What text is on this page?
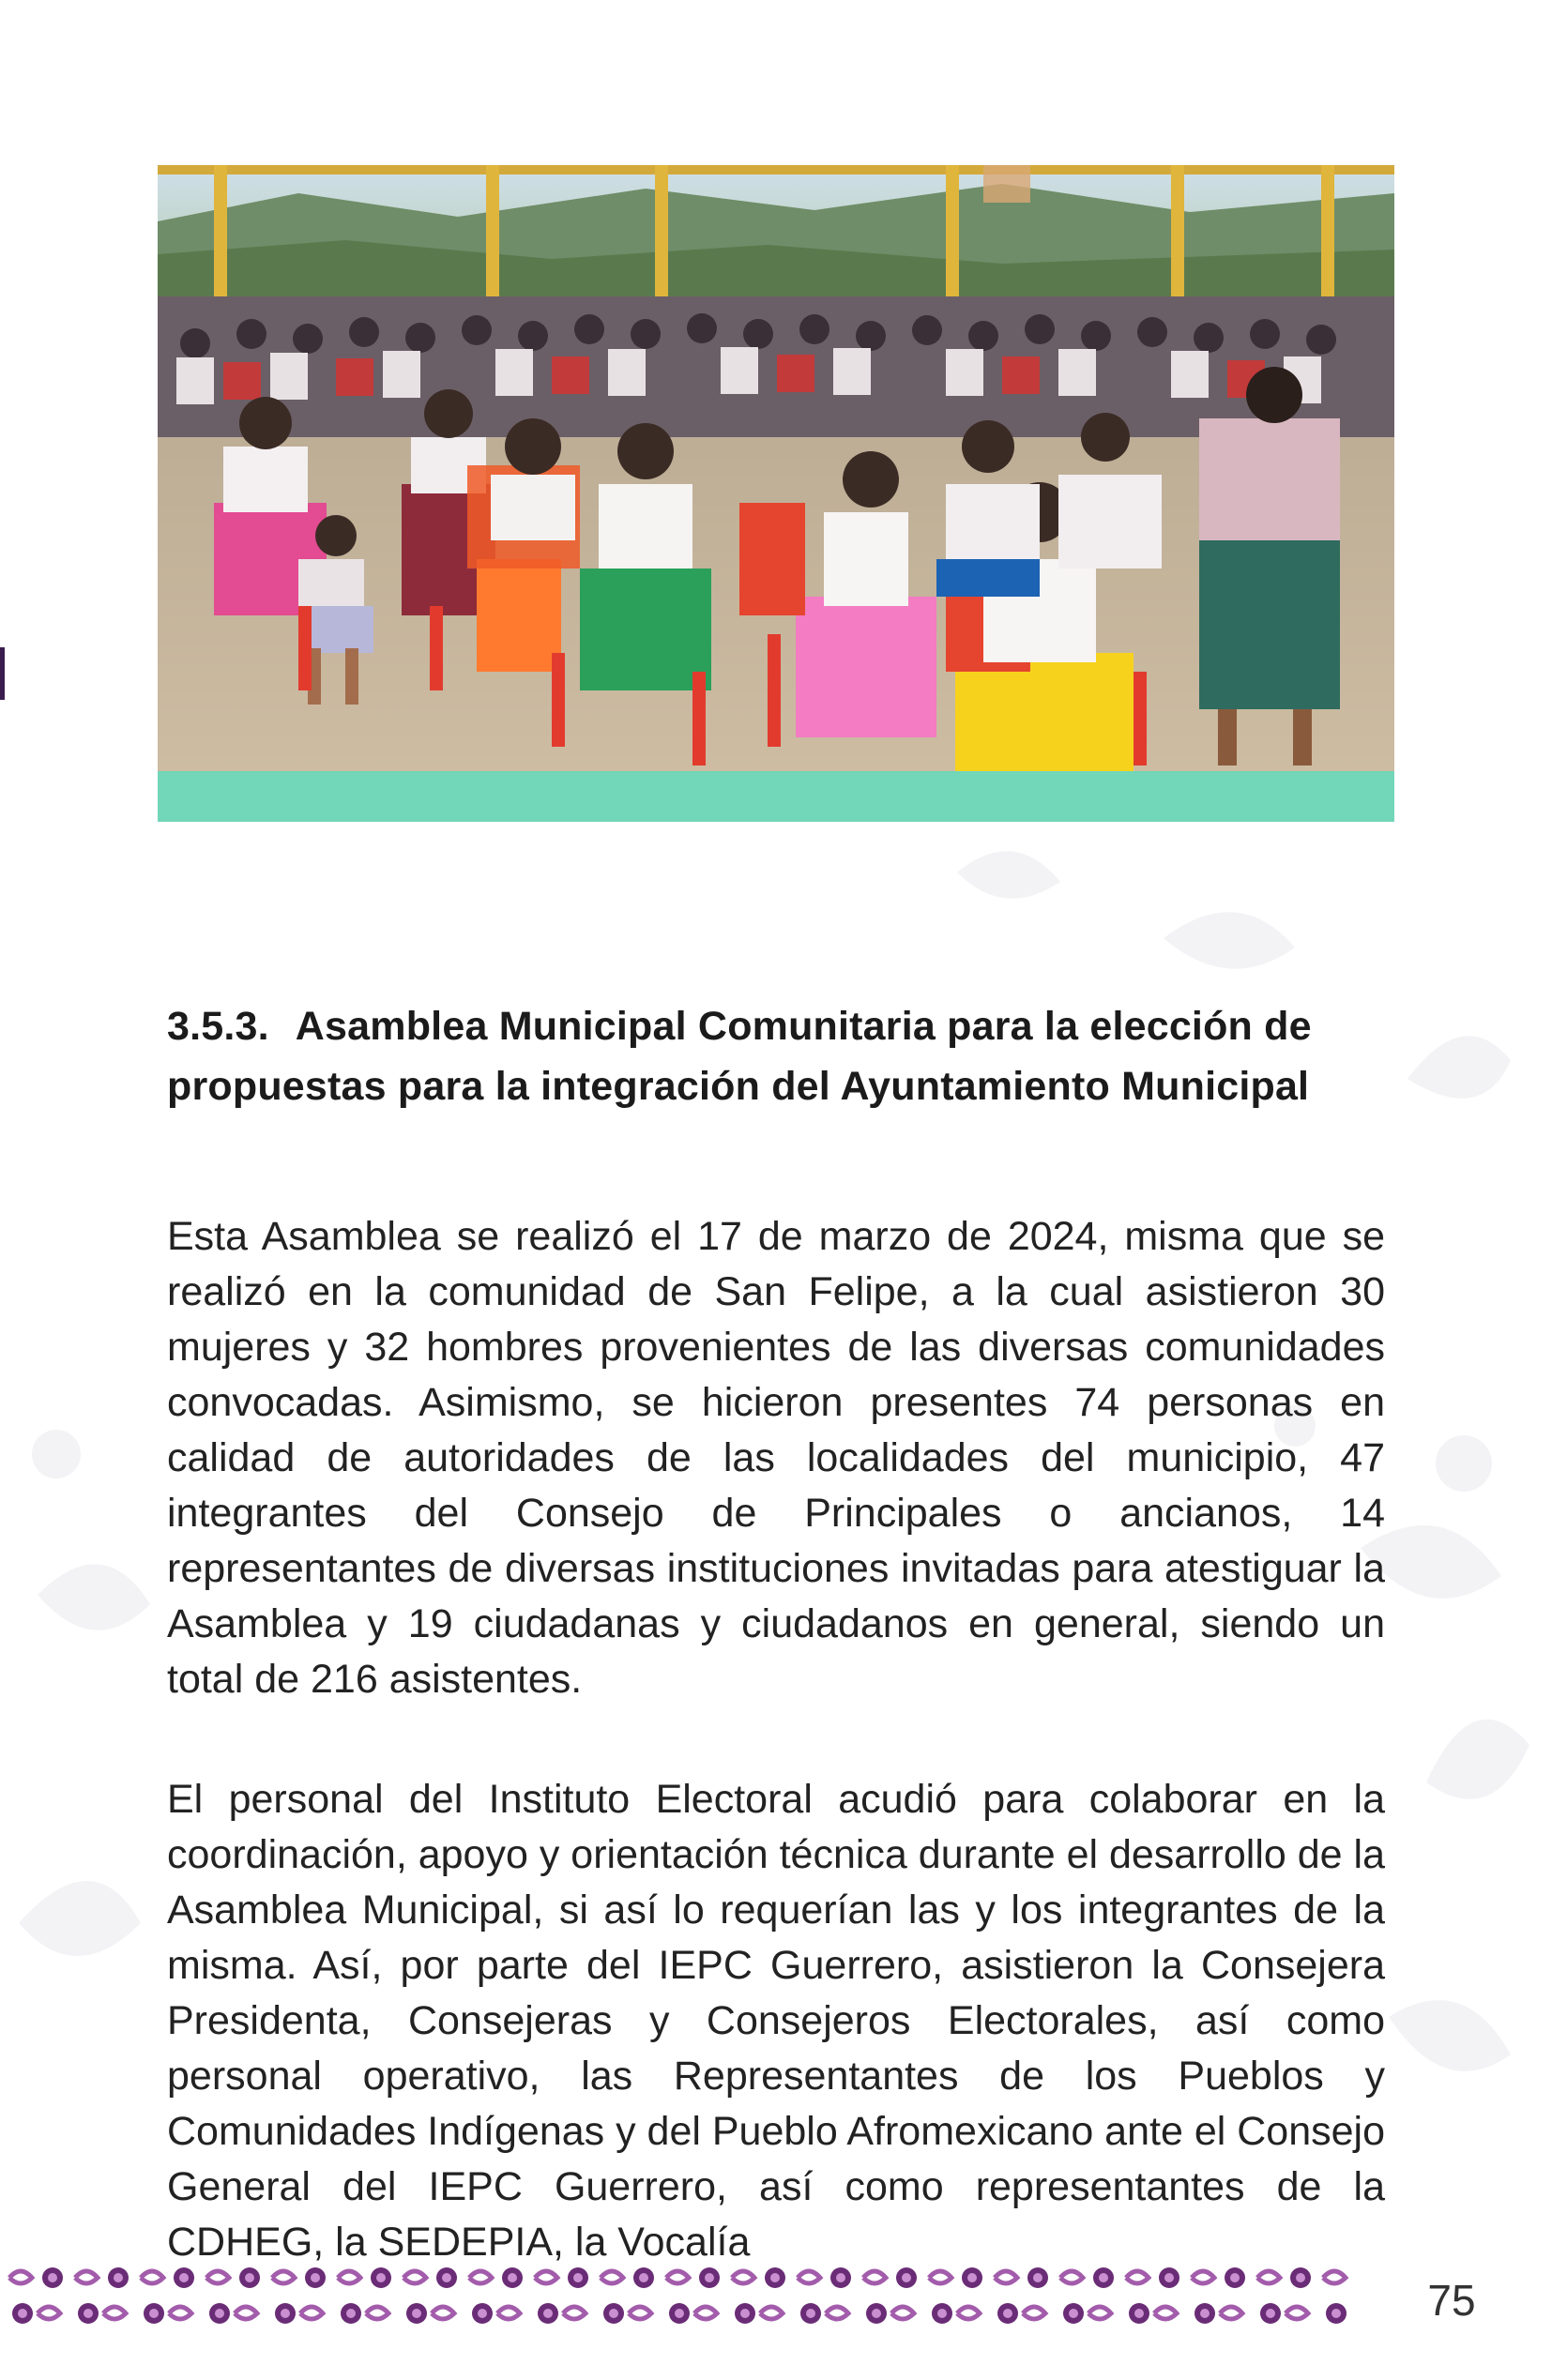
3.5.3. Asamblea Municipal Comunitaria para la elección de propuestas para la integración del Ayuntamiento Municipal

Esta Asamblea se realizó el 17 de marzo de 2024, misma que se realizó en la comunidad de San Felipe, a la cual asistieron 30 mujeres y 32 hombres provenientes de las diversas comunidades convocadas. Asimismo, se hicieron presentes 74 personas en calidad de autoridades de las localidades del municipio, 47 integrantes del Consejo de Principales o ancianos, 14 representantes de diversas instituciones invitadas para atestiguar la Asamblea y 19 ciudadanas y ciudadanos en general, siendo un total de 216 asistentes.

El personal del Instituto Electoral acudió para colaborar en la coordinación, apoyo y orientación técnica durante el desarrollo de la Asamblea Municipal, si así lo requerían las y los integrantes de la misma. Así, por parte del IEPC Guerrero, asistieron la Consejera Presidenta, Consejeras y Consejeros Electorales, así como personal operativo, las Representantes de los Pueblos y Comunidades Indígenas y del Pueblo Afromexicano ante el Consejo General del IEPC Guerrero, así como representantes de la CDHEG, la SEDEPIA, la Vocalía

75
